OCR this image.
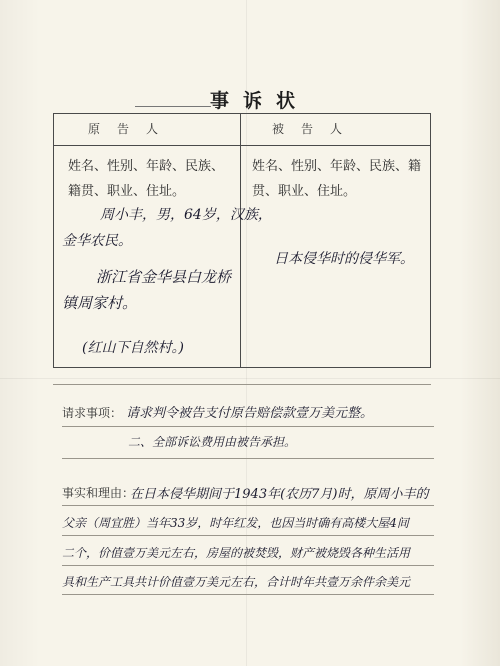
事诉状
原告人	被告人
姓名、性别、年龄、民族、籍贯、职业、住址。
姓名、性别、年龄、民族、籍贯、职业、住址。
周小丰，男，64岁，汉族，
金华农民。
浙江省金华县白龙桥
镇周家村。
(红山下自然村。)
日本侵华时的侵华军。
请求事项： 请求判令被告支付原告赔偿款壹万美元整。
二、全部诉讼费用由被告承担。
事实和理由：
在日本侵华期间于1943年(农历7月)时，原周小丰的
父亲（周宜胜）当年33岁，时年红发，也因当时确有高楼大屋4间
二个，价值壹万美元左右，房屋的被焚毁，财产被烧毁各种生活用
具和生产工具共计价值壹万美元左右，合计时年共壹万余件余美元
